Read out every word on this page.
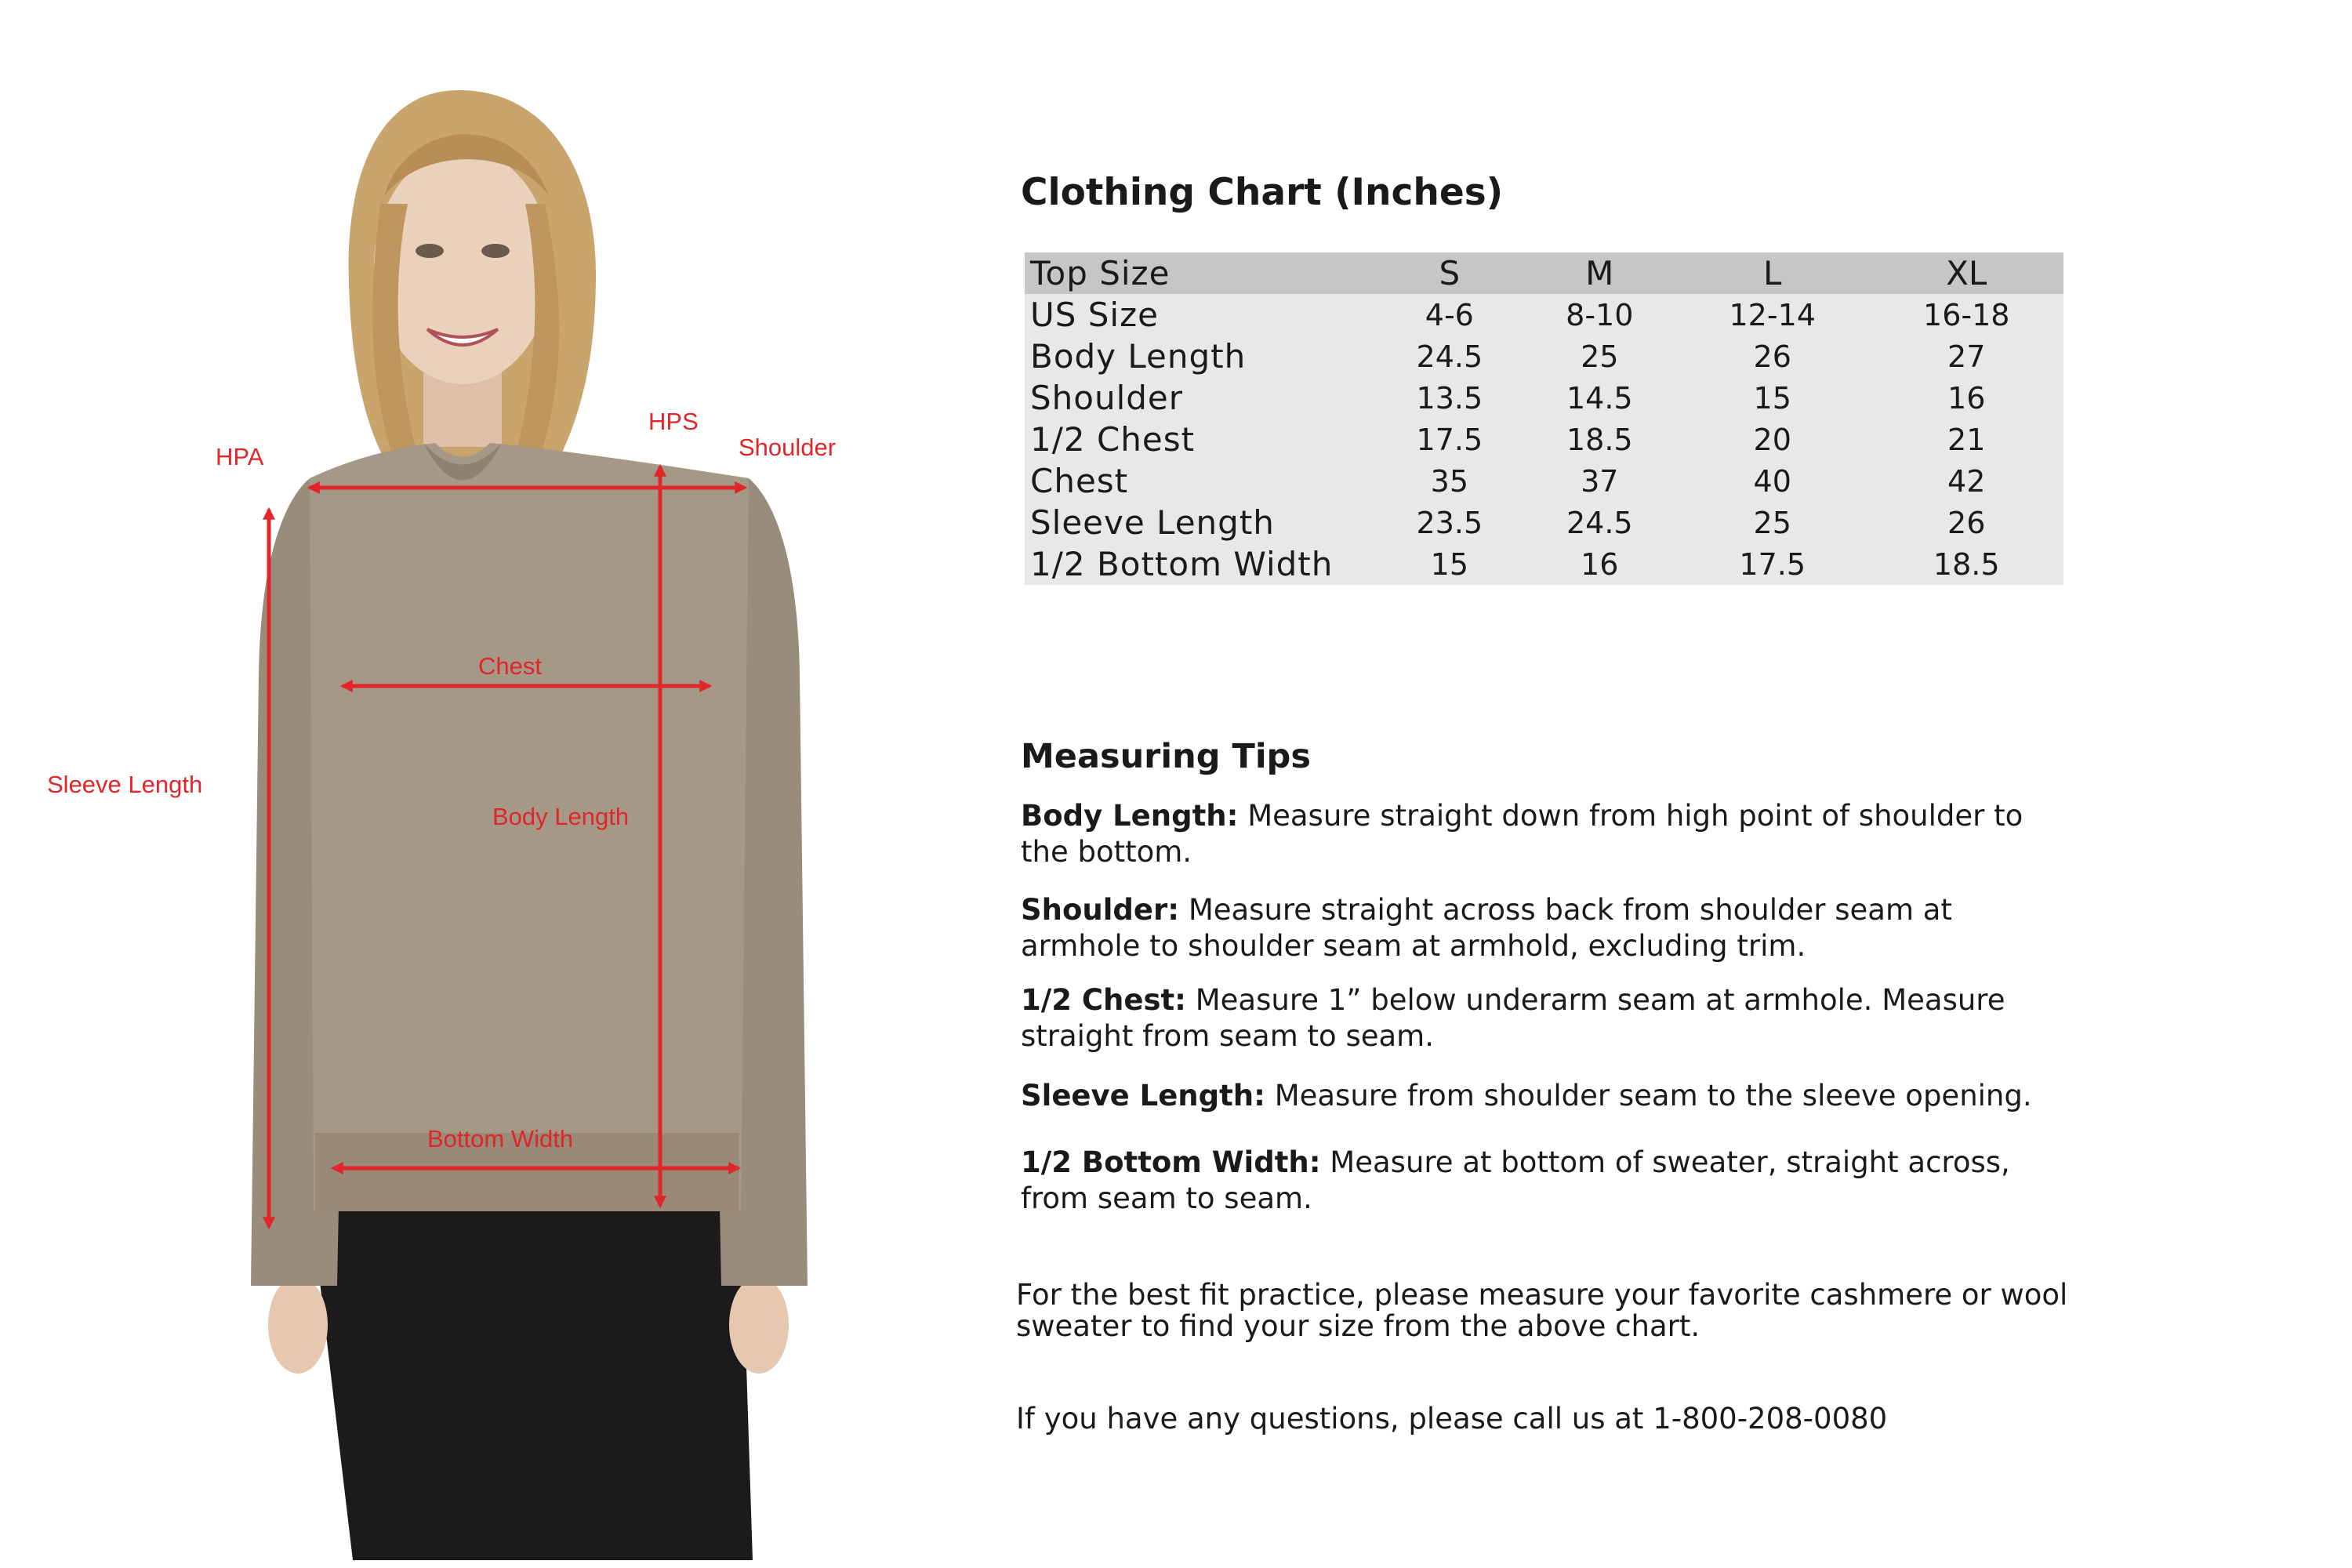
HPA
HPS
Shoulder
Chest
Sleeve Length
Body Length
Bottom Width
Clothing Chart (Inches)
Top Size	S	M	L	XL
US Size	4-6	8-10	12-14	16-18
Body Length	24.5	25	26	27
Shoulder	13.5	14.5	15	16
1/2 Chest	17.5	18.5	20	21
Chest	35	37	40	42
Sleeve Length	23.5	24.5	25	26
1/2 Bottom Width	15	16	17.5	18.5
Measuring Tips

Body Length: Measure straight down from high point of shoulder to the bottom.

Shoulder: Measure straight across back from shoulder seam at armhole to shoulder seam at armhold, excluding trim.

1/2 Chest: Measure 1” below underarm seam at armhole. Measure straight from seam to seam.

Sleeve Length: Measure from shoulder seam to the sleeve opening.

1/2 Bottom Width: Measure at bottom of sweater, straight across, from seam to seam.

For the best fit practice, please measure your favorite cashmere or wool sweater to find your size from the above chart.

If you have any questions, please call us at 1-800-208-0080
